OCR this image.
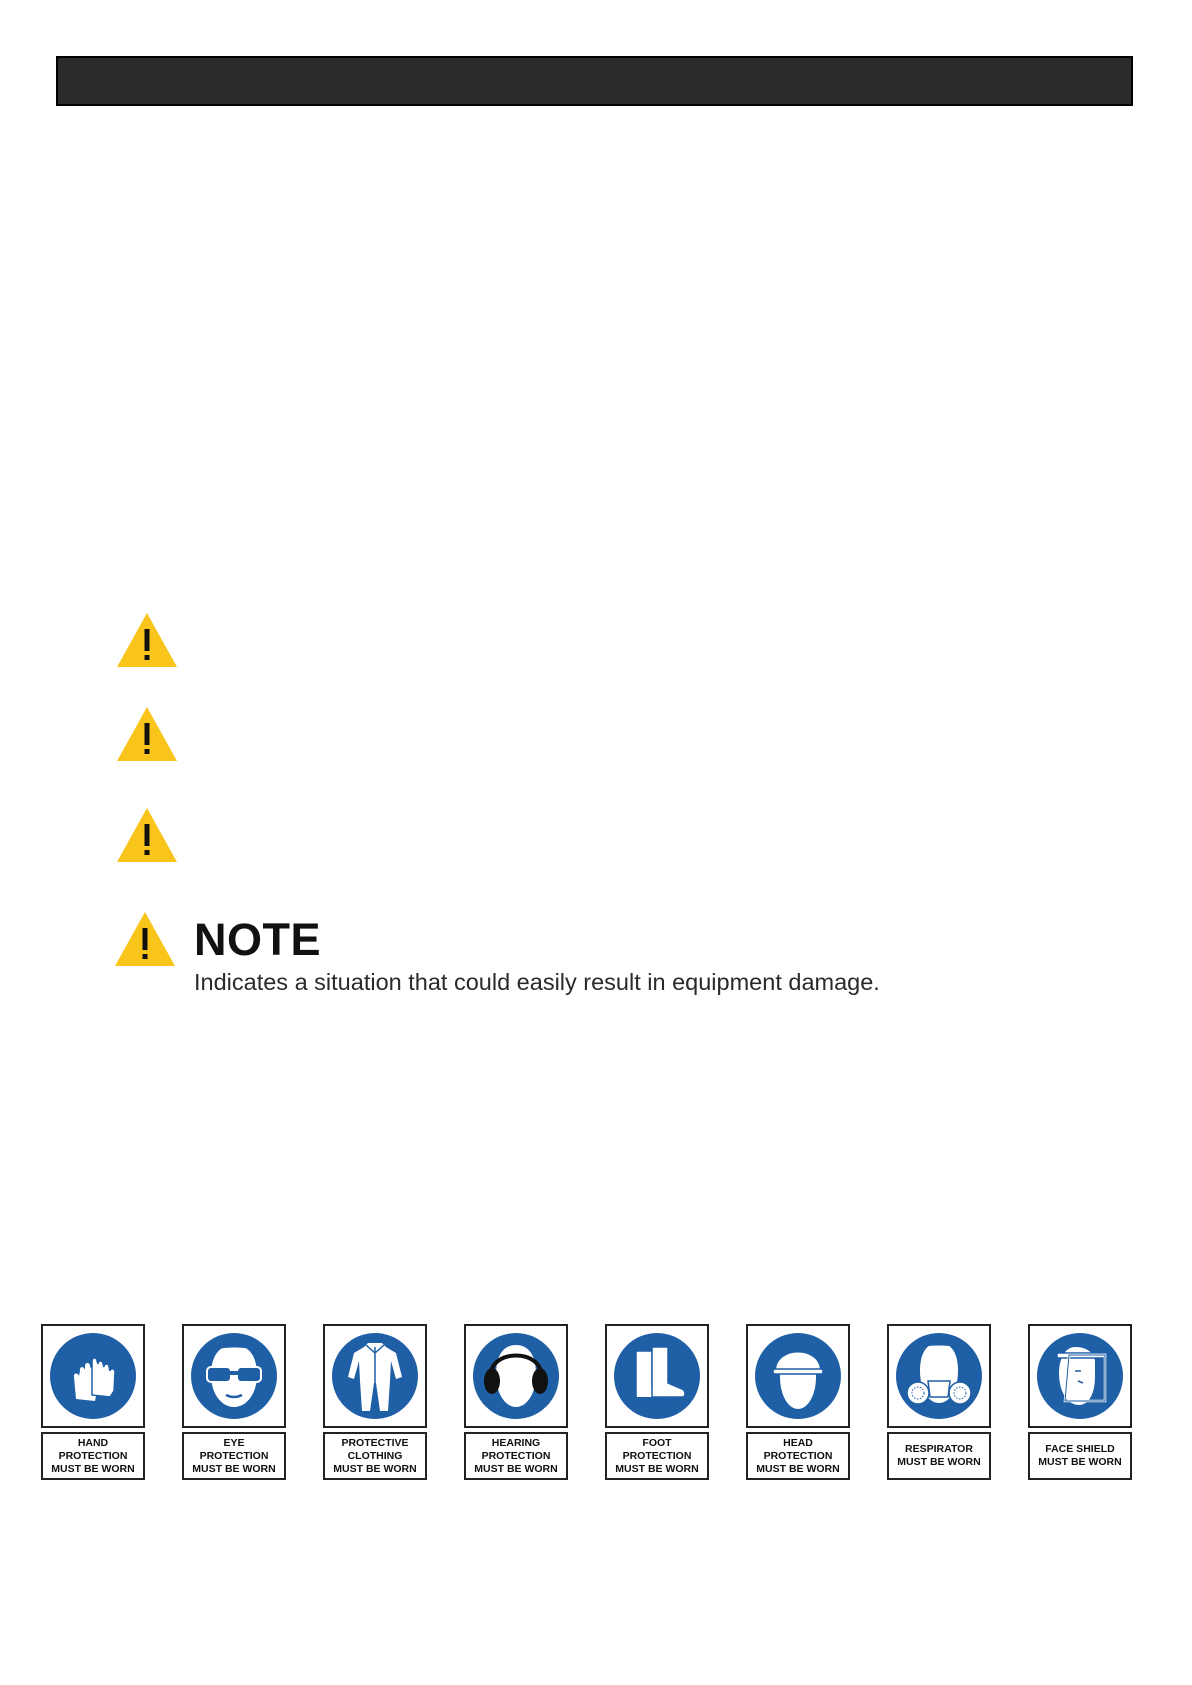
NOTE

Indicates a situation that could easily result in equipment damage.

HAND
PROTECTION
MUST BE WORN
EYE
PROTECTION
MUST BE WORN
PROTECTIVE
CLOTHING
MUST BE WORN
HEARING
PROTECTION
MUST BE WORN
FOOT
PROTECTION
MUST BE WORN
HEAD
PROTECTION
MUST BE WORN
RESPIRATOR
MUST BE WORN
FACE SHIELD
MUST BE WORN
